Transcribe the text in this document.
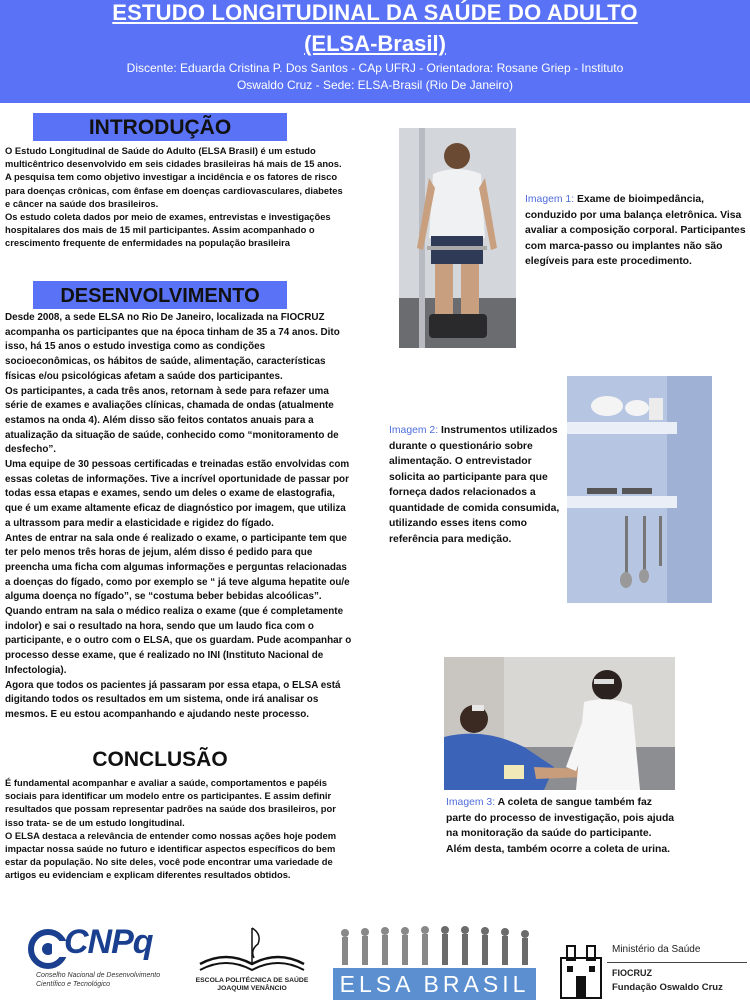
ESTUDO LONGITUDINAL DA SAÚDE DO ADULTO
(ELSA-Brasil)
Discente: Eduarda Cristina P. Dos Santos - CAp UFRJ - Orientadora: Rosane Griep - Instituto Oswaldo Cruz - Sede: ELSA-Brasil (Rio De Janeiro)
INTRODUÇÃO
O Estudo Longitudinal de Saúde do Adulto (ELSA Brasil) é um estudo multicêntrico desenvolvido em seis cidades brasileiras há mais de 15 anos.
A pesquisa tem como objetivo investigar a incidência e os fatores de risco para doenças crônicas, com ênfase em doenças cardiovasculares, diabetes e câncer na saúde dos brasileiros.
Os estudo coleta dados por meio de exames, entrevistas e investigações hospitalares dos mais de 15 mil participantes. Assim acompanhado o crescimento frequente de enfermidades na população brasileira
DESENVOLVIMENTO
Desde 2008, a sede ELSA no Rio De Janeiro, localizada na FIOCRUZ acompanha os participantes que na época tinham de 35 a 74 anos. Dito isso, há 15 anos o estudo investiga como as condições socioeconômicas, os hábitos de saúde, alimentação, características físicas e/ou psicológicas afetam a saúde dos participantes.
Os participantes, a cada três anos, retornam à sede para refazer uma série de exames e avaliações clínicas, chamada de ondas (atualmente estamos na onda 4). Além disso são feitos contatos anuais para a atualização da situação de saúde, conhecido como “monitoramento de desfecho”.
Uma equipe de 30 pessoas certificadas e treinadas estão envolvidas com essas coletas de informações. Tive a incrível oportunidade de passar por todas essa etapas e exames, sendo um deles o exame de elastografia, que é um exame altamente eficaz de diagnóstico por imagem, que utiliza a ultrassom para medir a elasticidade e rigidez do fígado.
Antes de entrar na sala onde é realizado o exame, o participante tem que ter pelo menos três horas de jejum, além disso é pedido para que preencha uma ficha com algumas informações e perguntas relacionadas a doenças do fígado, como por exemplo se “ já teve alguma hepatite ou/e alguma doença no fígado”, se “costuma beber bebidas alcoólicas”. Quando entram na sala o médico realiza o exame (que é completamente indolor) e sai o resultado na hora, sendo que um laudo fica com o participante, e o outro com o ELSA, que os guardam. Pude acompanhar o processo desse exame, que é realizado no INI (Instituto Nacional de Infectologia).
Agora que todos os pacientes já passaram por essa etapa, o ELSA está digitando todos os resultados em um sistema, onde irá analisar os mesmos. E eu estou acompanhando e ajudando neste processo.
CONCLUSÃO
É fundamental acompanhar e avaliar a saúde, comportamentos e papéis sociais para identificar um modelo entre os participantes. E assim definir resultados que possam representar padrões na saúde dos brasileiros, por isso trata- se de um estudo longitudinal.
O ELSA destaca a relevância de entender como nossas ações hoje podem impactar nossa saúde no futuro e identificar aspectos específicos do bem estar da população. No site deles, você pode encontrar uma variedade de artigos eu evidenciam e explicam diferentes resultados obtidos.
Imagem 1: Exame de bioimpedância, conduzido por uma balança eletrônica. Visa avaliar a composição corporal. Participantes com marca-passo ou implantes não são elegíveis para este procedimento.
Imagem 2: Instrumentos utilizados durante o questionário sobre alimentação. O entrevistador solicita ao participante para que forneça dados relacionados a quantidade de comida consumida, utilizando esses itens como referência para medição.
Imagem 3: A coleta de sangue também faz parte do processo de investigação, pois ajuda na monitoração da saúde do participante. Além desta, também ocorre a coleta de urina.
CNPq
Conselho Nacional de Desenvolvimento Científico e Tecnológico
ESCOLA POLITÉCNICA DE SAÚDE
JOAQUIM VENÂNCIO	ELSA BRASIL
Ministério da Saúde
FIOCRUZ
Fundação Oswaldo Cruz
